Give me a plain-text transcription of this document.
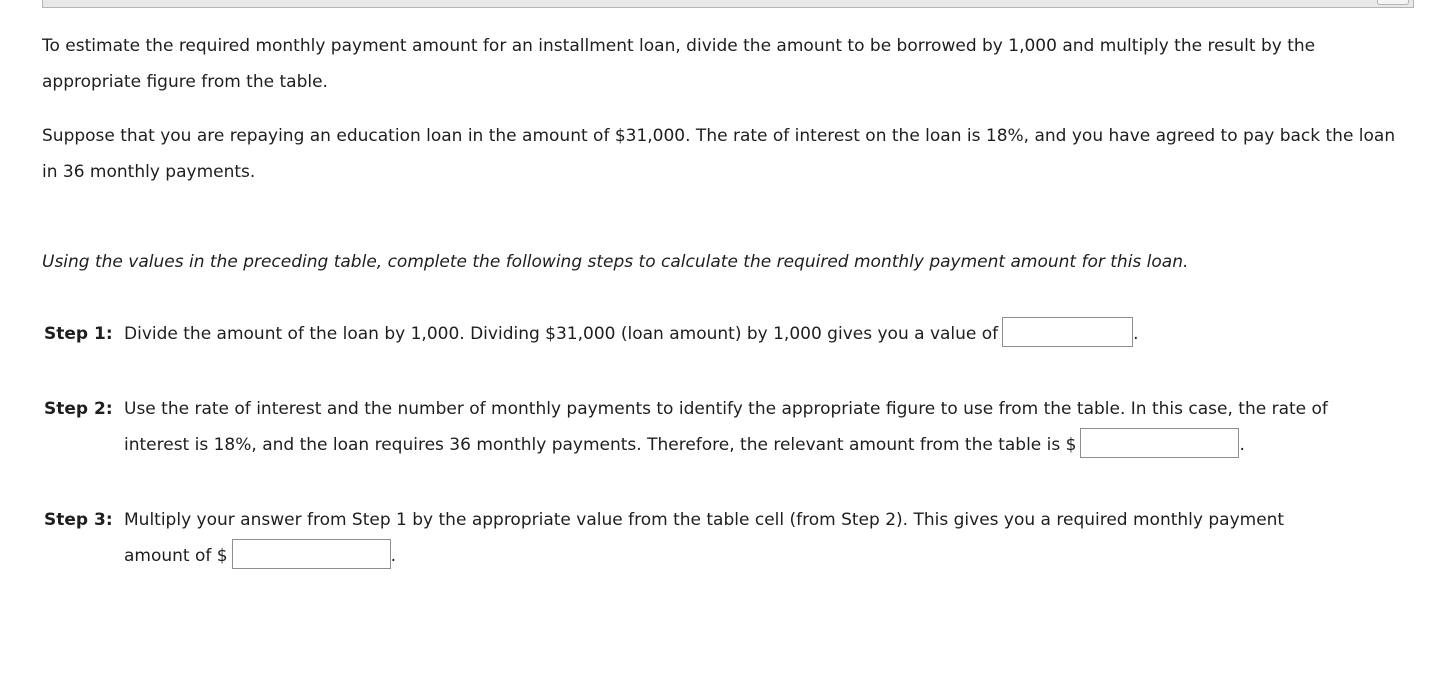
To estimate the required monthly payment amount for an installment loan, divide the amount to be borrowed by 1,000 and multiply the result by the appropriate figure from the table.

Suppose that you are repaying an education loan in the amount of $31,000. The rate of interest on the loan is 18%, and you have agreed to pay back the loan in 36 monthly payments.

Using the values in the preceding table, complete the following steps to calculate the required monthly payment amount for this loan.

Step 1: Divide the amount of the loan by 1,000. Dividing $31,000 (loan amount) by 1,000 gives you a value of	.
Step 2: Use the rate of interest and the number of monthly payments to identify the appropriate figure to use from the table. In this case, the rate of
interest is 18%, and the loan requires 36 monthly payments. Therefore, the relevant amount from the table is $	.
Step 3: Multiply your answer from Step 1 by the appropriate value from the table cell (from Step 2). This gives you a required monthly payment
amount of $	.
